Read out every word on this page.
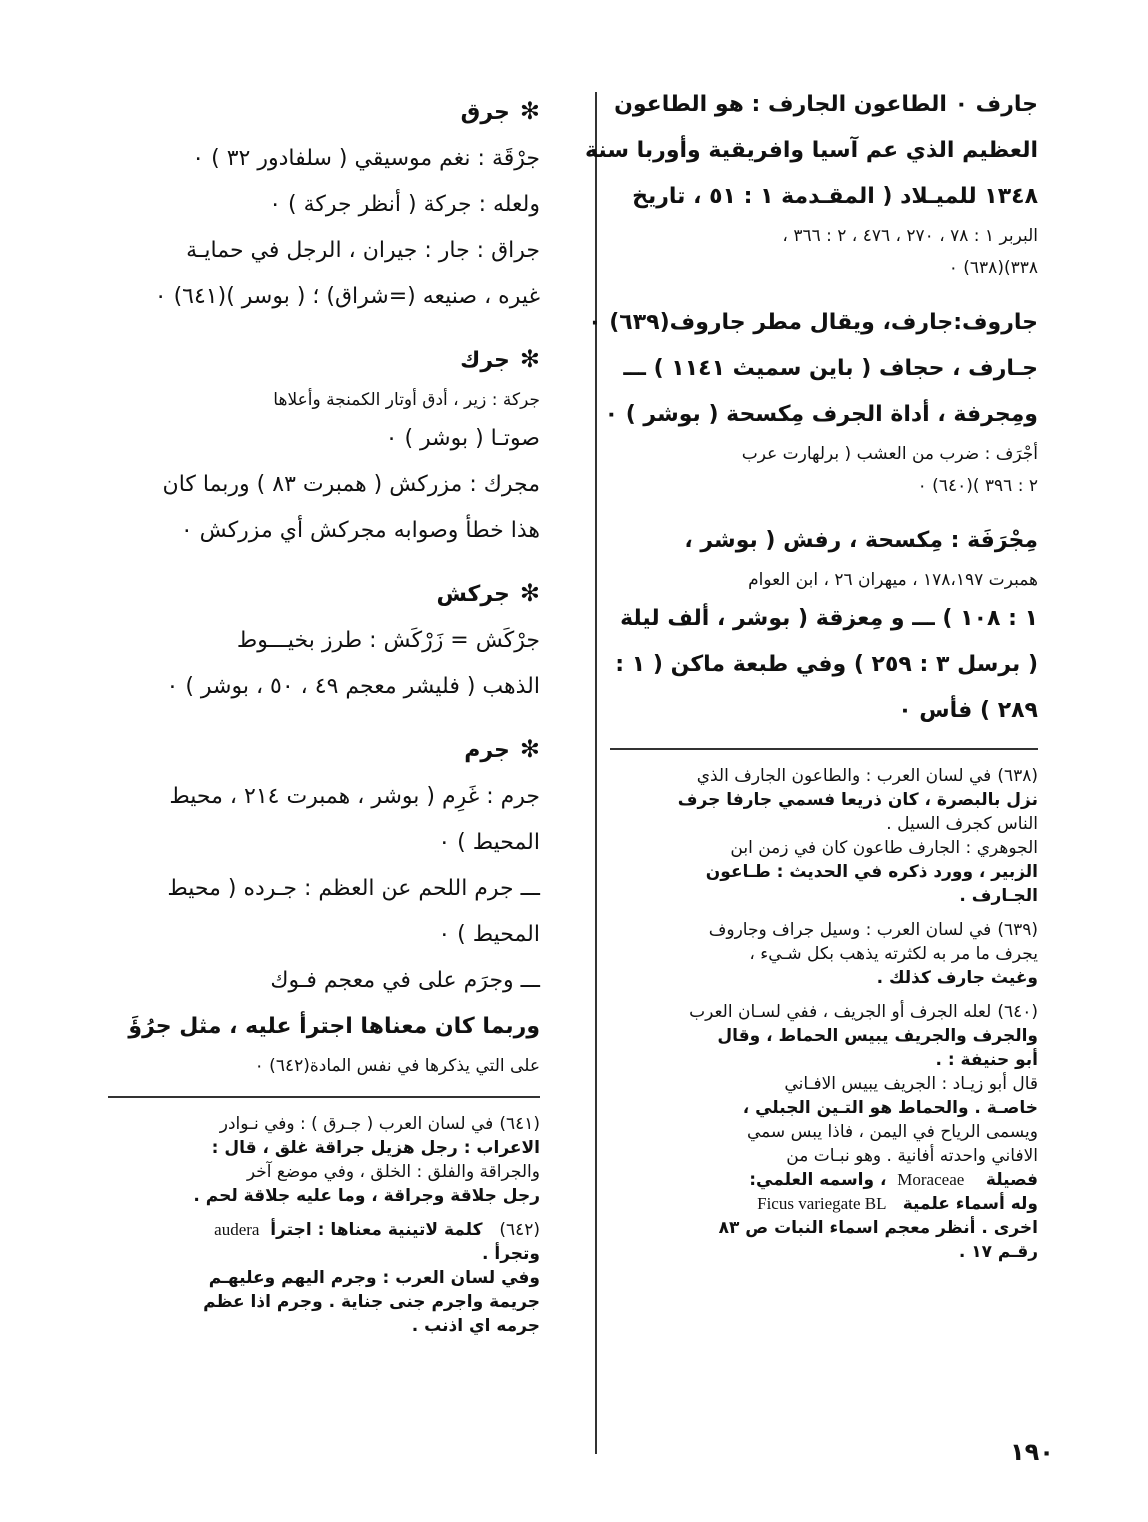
جارف ٠ الطاعون الجارف : هو الطاعون
العظيم الذي عم آسيا وافريقية وأوربا سنة
١٣٤٨ للميـلاد ( المقـدمة ١ : ٥١ ، تاريخ
البربر ١ : ٧٨ ، ٢٧٠ ، ٤٧٦ ، ٢ : ٣٦٦ ،
٣٣٨)(٦٣٨) ٠
جاروف:جارف، ويقال مطر جاروف(٦٣٩) ٠
جـارف ، حجاف ( باين سميث ١١٤١ ) ـــ
ومِجرفة ، أداة الجرف مِكسحة ( بوشر ) ٠
أجْرَف : ضرب من العشب ( برلهارت عرب
٢ : ٣٩٦ )(٦٤٠) ٠
مِجْرَفَة : مِكسحة ، رفش ( بوشر ،
همبرت ١٧٨،١٩٧ ، ميهران ٢٦ ، ابن العوام
١ : ١٠٨ ) ـــ و مِعزقة ( بوشر ، ألف ليلة
( برسل ٣ : ٢٥٩ ) وفي طبعة ماكن ( ١ :
٢٨٩ ) فأس ٠
(٦٣٨)في لسان العرب : والطاعون الجارف الذي
نزل بالبصرة ، كان ذريعا فسمي جارفا جرف
الناس كجرف السيل .
الجوهري : الجارف طاعون كان في زمن ابن
الزبير ، وورد ذكره في الحديث : طـاعون
الجـارف .
(٦٣٩)في لسان العرب : وسيل جراف وجاروف
يجرف ما مر به لكثرته يذهب بكل شـيء ،
وغيث جارف كذلك .
(٦٤٠)لعله الجرف أو الجريف ، ففي لسـان العرب
والجرف والجريف يبيس الحماط ، وقال
أبو حنيفة : .
قال أبو زيـاد : الجريف يبيس الافـاني
خاصـة . والحماط هو التـين الجبلي ،
ويسمى الرياح في اليمن ، فاذا يبس سمي
الافاني واحدته أفانية . وهو نبـات من
فصيلة    Moraceae  ، واسمه العلمي:
وله أسماء علمية   Ficus variegate BL
اخرى . أنظر معجم اسماء النبات ص ٨٣
رقـم ١٧ .
✻جرق
جرْقَة : نغم موسيقي ( سلفادور ٣٢ ) ٠
ولعله : جركة ( أنظر جركة ) ٠
جراق : جار : جيران ، الرجل في حمايـة
غيره ، صنيعه (=شراق) ؛ ( بوسر )(٦٤١) ٠
✻جرك
جركة : زير ، أدق أوتار الكمنجة وأعلاها
صوتـا ( بوشر ) ٠
مجرك : مزركش ( همبرت ٨٣ ) وربما كان
هذا خطأ وصوابه مجركش أي مزركش ٠
✻جركش
جرْكَش = زَرْكَش : طرز بخيـــوط
الذهب ( فليشر معجم ٤٩ ، ٥٠ ، بوشر ) ٠
✻جرم
جرم : غَرِم ( بوشر ، همبرت ٢١٤ ، محيط
المحيط ) ٠
ـــ جرم اللحم عن العظم : جـرده ( محيط
المحيط ) ٠
ـــ وجرَم على في معجم فـوك
وربما كان معناها اجترأ عليه ، مثل جرُؤَ
على التي يذكرها في نفس المادة(٦٤٢) ٠
(٦٤١)في لسان العرب ( جـرق ) : وفي نـوادر
الاعراب : رجل هزيل جراقة غلق ، قال :
والجراقة والفلق : الخلق ، وفي موضع آخر
رجل جلاقة وجراقة ، وما عليه جلاقة لحم .
(٦٤٢)  كلمة لاتينية معناها : اجترأ  audera
وتجرأ .
وفي لسان العرب : وجرم اليهم وعليهـم
جريمة واجرم جنى جناية . وجرم اذا عظم
جرمه اي اذنب .
١٩٠
